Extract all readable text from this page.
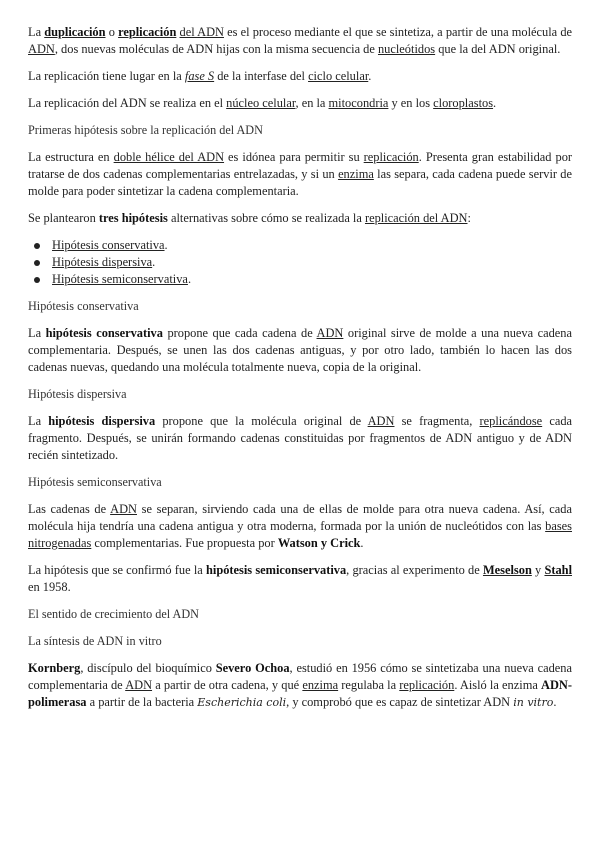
La duplicación o replicación del ADN es el proceso mediante el que se sintetiza, a partir de una molécula de ADN, dos nuevas moléculas de ADN hijas con la misma secuencia de nucleótidos que la del ADN original.

La replicación tiene lugar en la fase S de la interfase del ciclo celular.

La replicación del ADN se realiza en el núcleo celular, en la mitocondria y en los cloroplastos.

Primeras hipótesis sobre la replicación del ADN

La estructura en doble hélice del ADN es idónea para permitir su replicación. Presenta gran estabilidad por tratarse de dos cadenas complementarias entrelazadas, y si un enzima las separa, cada cadena puede servir de molde para poder sintetizar la cadena complementaria.

Se plantearon tres hipótesis alternativas sobre cómo se realizada la replicación del ADN:

Hipótesis conservativa.
Hipótesis dispersiva.
Hipótesis semiconservativa.

Hipótesis conservativa

La hipótesis conservativa propone que cada cadena de ADN original sirve de molde a una nueva cadena complementaria. Después, se unen las dos cadenas antiguas, y por otro lado, también lo hacen las dos cadenas nuevas, quedando una molécula totalmente nueva, copia de la original.

Hipótesis dispersiva

La hipótesis dispersiva propone que la molécula original de ADN se fragmenta, replicándose cada fragmento. Después, se unirán formando cadenas constituidas por fragmentos de ADN antiguo y de ADN recién sintetizado.

Hipótesis semiconservativa

Las cadenas de ADN se separan, sirviendo cada una de ellas de molde para otra nueva cadena. Así, cada molécula hija tendría una cadena antigua y otra moderna, formada por la unión de nucleótidos con las bases nitrogenadas complementarias. Fue propuesta por Watson y Crick.

La hipótesis que se confirmó fue la hipótesis semiconservativa, gracias al experimento de Meselson y Stahl en 1958.

El sentido de crecimiento del ADN

La síntesis de ADN in vitro

Kornberg, discípulo del bioquímico Severo Ochoa, estudió en 1956 cómo se sintetizaba una nueva cadena complementaria de ADN a partir de otra cadena, y qué enzima regulaba la replicación. Aisló la enzima ADN-polimerasa a partir de la bacteria Escherichia coli, y comprobó que es capaz de sintetizar ADN in vitro.
